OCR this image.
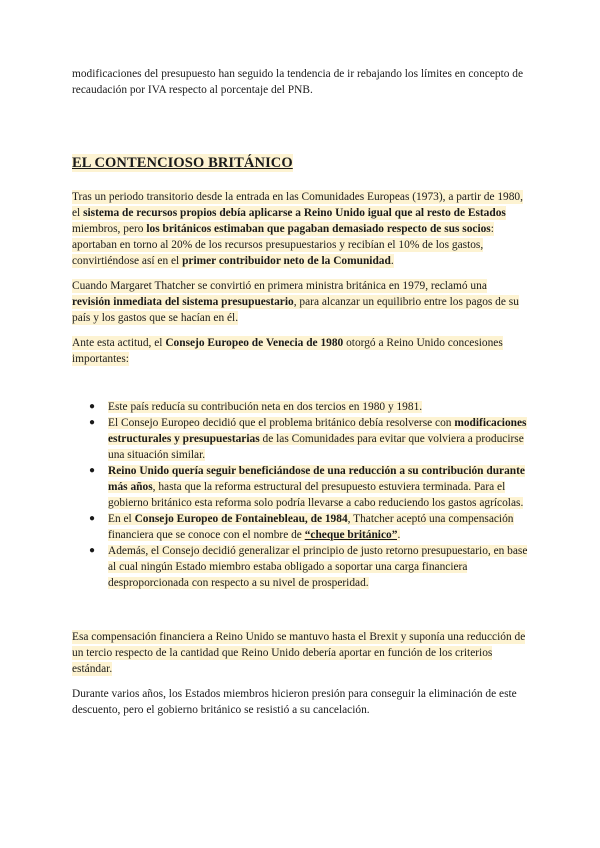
modificaciones del presupuesto han seguido la tendencia de ir rebajando los límites en concepto de recaudación por IVA respecto al porcentaje del PNB.

EL CONTENCIOSO BRITÁNICO

Tras un periodo transitorio desde la entrada en las Comunidades Europeas (1973), a partir de 1980, el sistema de recursos propios debía aplicarse a Reino Unido igual que al resto de Estados miembros, pero los británicos estimaban que pagaban demasiado respecto de sus socios: aportaban en torno al 20% de los recursos presupuestarios y recibían el 10% de los gastos, convirtiéndose así en el primer contribuidor neto de la Comunidad.

Cuando Margaret Thatcher se convirtió en primera ministra británica en 1979, reclamó una revisión inmediata del sistema presupuestario, para alcanzar un equilibrio entre los pagos de su país y los gastos que se hacían en él.

Ante esta actitud, el Consejo Europeo de Venecia de 1980 otorgó a Reino Unido concesiones importantes:

● Este país reducía su contribución neta en dos tercios en 1980 y 1981.
● El Consejo Europeo decidió que el problema británico debía resolverse con modificaciones estructurales y presupuestarias de las Comunidades para evitar que volviera a producirse una situación similar.
● Reino Unido quería seguir beneficiándose de una reducción a su contribución durante más años, hasta que la reforma estructural del presupuesto estuviera terminada. Para el gobierno británico esta reforma solo podría llevarse a cabo reduciendo los gastos agrícolas.
● En el Consejo Europeo de Fontainebleau, de 1984, Thatcher aceptó una compensación financiera que se conoce con el nombre de “cheque británico”.
● Además, el Consejo decidió generalizar el principio de justo retorno presupuestario, en base al cual ningún Estado miembro estaba obligado a soportar una carga financiera desproporcionada con respecto a su nivel de prosperidad.

Esa compensación financiera a Reino Unido se mantuvo hasta el Brexit y suponía una reducción de un tercio respecto de la cantidad que Reino Unido debería aportar en función de los criterios estándar.

Durante varios años, los Estados miembros hicieron presión para conseguir la eliminación de este descuento, pero el gobierno británico se resistió a su cancelación.
